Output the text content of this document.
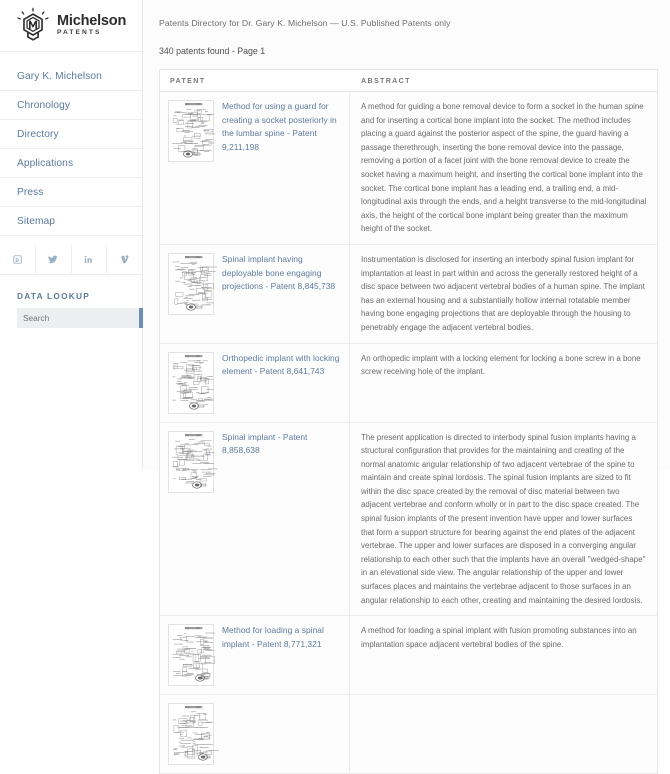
Michelson
PATENTS
Gary K. Michelson
Chronology
Directory
Applications
Press
Sitemap
DATA LOOKUP
Search

Patents Directory for Dr. Gary K. Michelson — U.S. Published Patents only

340 patents found - Page 1

PATENT	ABSTRACT
Method for using a guard for creating a socket posteriorly in the lumbar spine - Patent 9,211,198
A method for guiding a bone removal device to form a socket in the human spine and for inserting a cortical bone implant into the socket. The method includes placing a guard against the posterior aspect of the spine, the guard having a passage therethrough, inserting the bone removal device into the passage, removing a portion of a facet joint with the bone removal device to create the socket having a maximum height, and inserting the cortical bone implant into the socket. The cortical bone implant has a leading end, a trailing end, a mid-longitudinal axis through the ends, and a height transverse to the mid-longitudinal axis, the height of the cortical bone implant being greater than the maximum height of the socket.
Spinal implant having deployable bone engaging projections - Patent 8,845,738
Instrumentation is disclosed for inserting an interbody spinal fusion implant for implantation at least in part within and across the generally restored height of a disc space between two adjacent vertebral bodies of a human spine. The implant has an external housing and a substantially hollow internal rotatable member having bone engaging projections that are deployable through the housing to penetrably engage the adjacent vertebral bodies.
Orthopedic implant with locking element - Patent 8,641,743
An orthopedic implant with a locking element for locking a bone screw in a bone screw receiving hole of the implant.
Spinal implant - Patent 8,858,638
The present application is directed to interbody spinal fusion implants having a structural configuration that provides for the maintaining and creating of the normal anatomic angular relationship of two adjacent vertebrae of the spine to maintain and create spinal lordosis. The spinal fusion implants are sized to fit within the disc space created by the removal of disc material between two adjacent vertebrae and conform wholly or in part to the disc space created. The spinal fusion implants of the present invention have upper and lower surfaces that form a support structure for bearing against the end plates of the adjacent vertebrae. The upper and lower surfaces are disposed in a converging angular relationship to each other such that the implants have an overall "wedged-shape" in an elevational side view. The angular relationship of the upper and lower surfaces places and maintains the vertebrae adjacent to those surfaces in an angular relationship to each other, creating and maintaining the desired lordosis.
Method for loading a spinal implant - Patent 8,771,321
A method for loading a spinal implant with fusion promoting substances into an implantation space adjacent vertebral bodies of the spine.
